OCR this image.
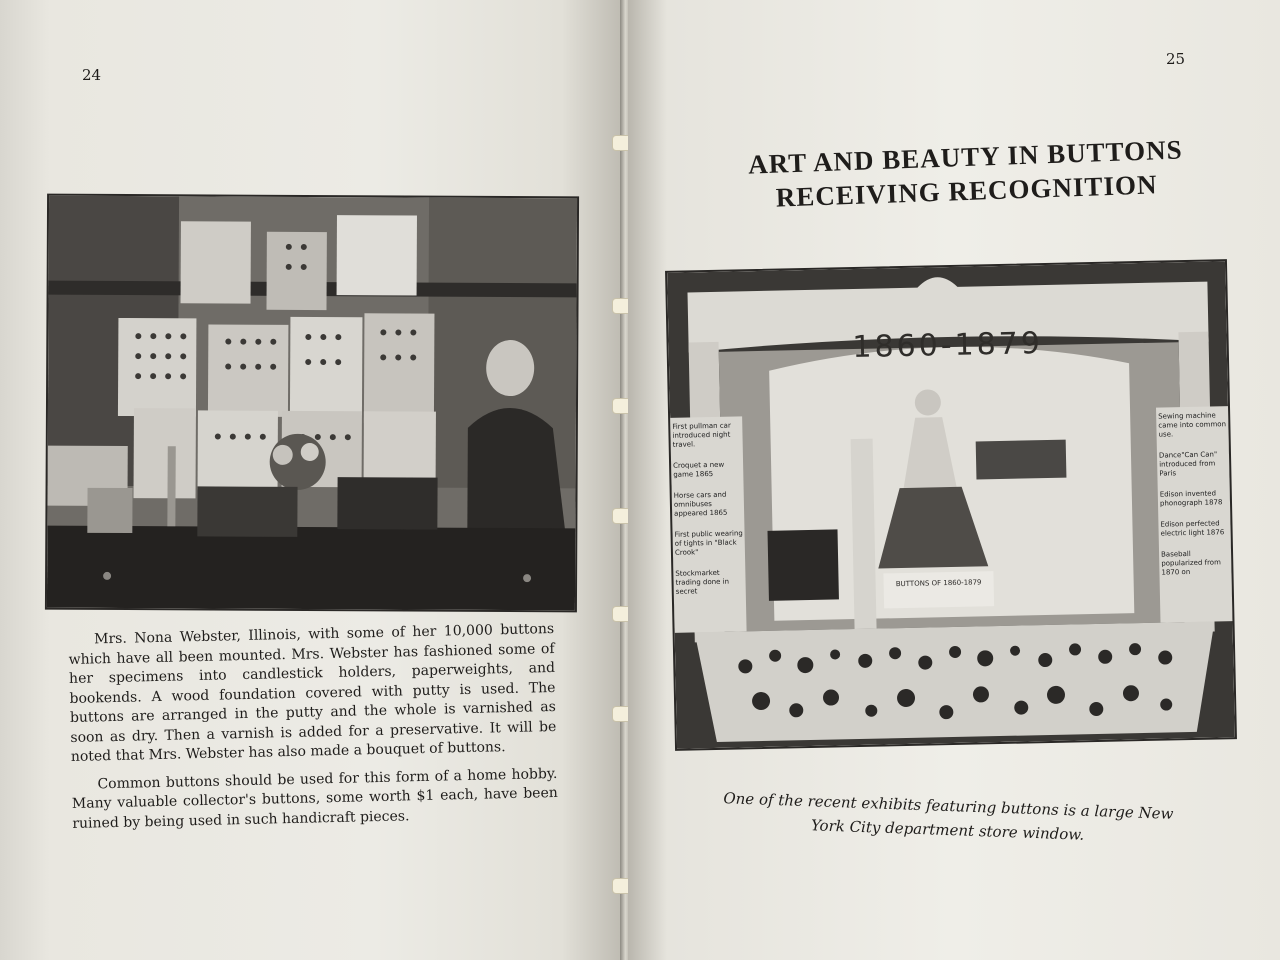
24

Mrs. Nona Webster, Illinois, with some of her 10,000 buttons which have all been mounted. Mrs. Webster has fashioned some of her specimens into candlestick holders, paperweights, and bookends. A wood foundation covered with putty is used. The buttons are arranged in the putty and the whole is varnished as soon as dry. Then a varnish is added for a preservative. It will be noted that Mrs. Webster has also made a bouquet of buttons.

Common buttons should be used for this form of a home hobby. Many valuable collector's buttons, some worth $1 each, have been ruined by being used in such handicraft pieces.

25
ART AND BEAUTY IN BUTTONS
RECEIVING RECOGNITION
1860-1879
BUTTONS OF 1860-1879
First pullman car introduced night travel.
Croquet a new game 1865
Horse cars and omnibuses appeared 1865
First public wearing of tights in "Black Crook"
Stockmarket trading done in secret
Sewing machine came into common use.
Dance"Can Can" introduced from Paris
Edison invented phonograph 1878
Edison perfected electric light 1876
Baseball popularized from 1870 on
One of the recent exhibits featuring buttons is a large New
York City department store window.
